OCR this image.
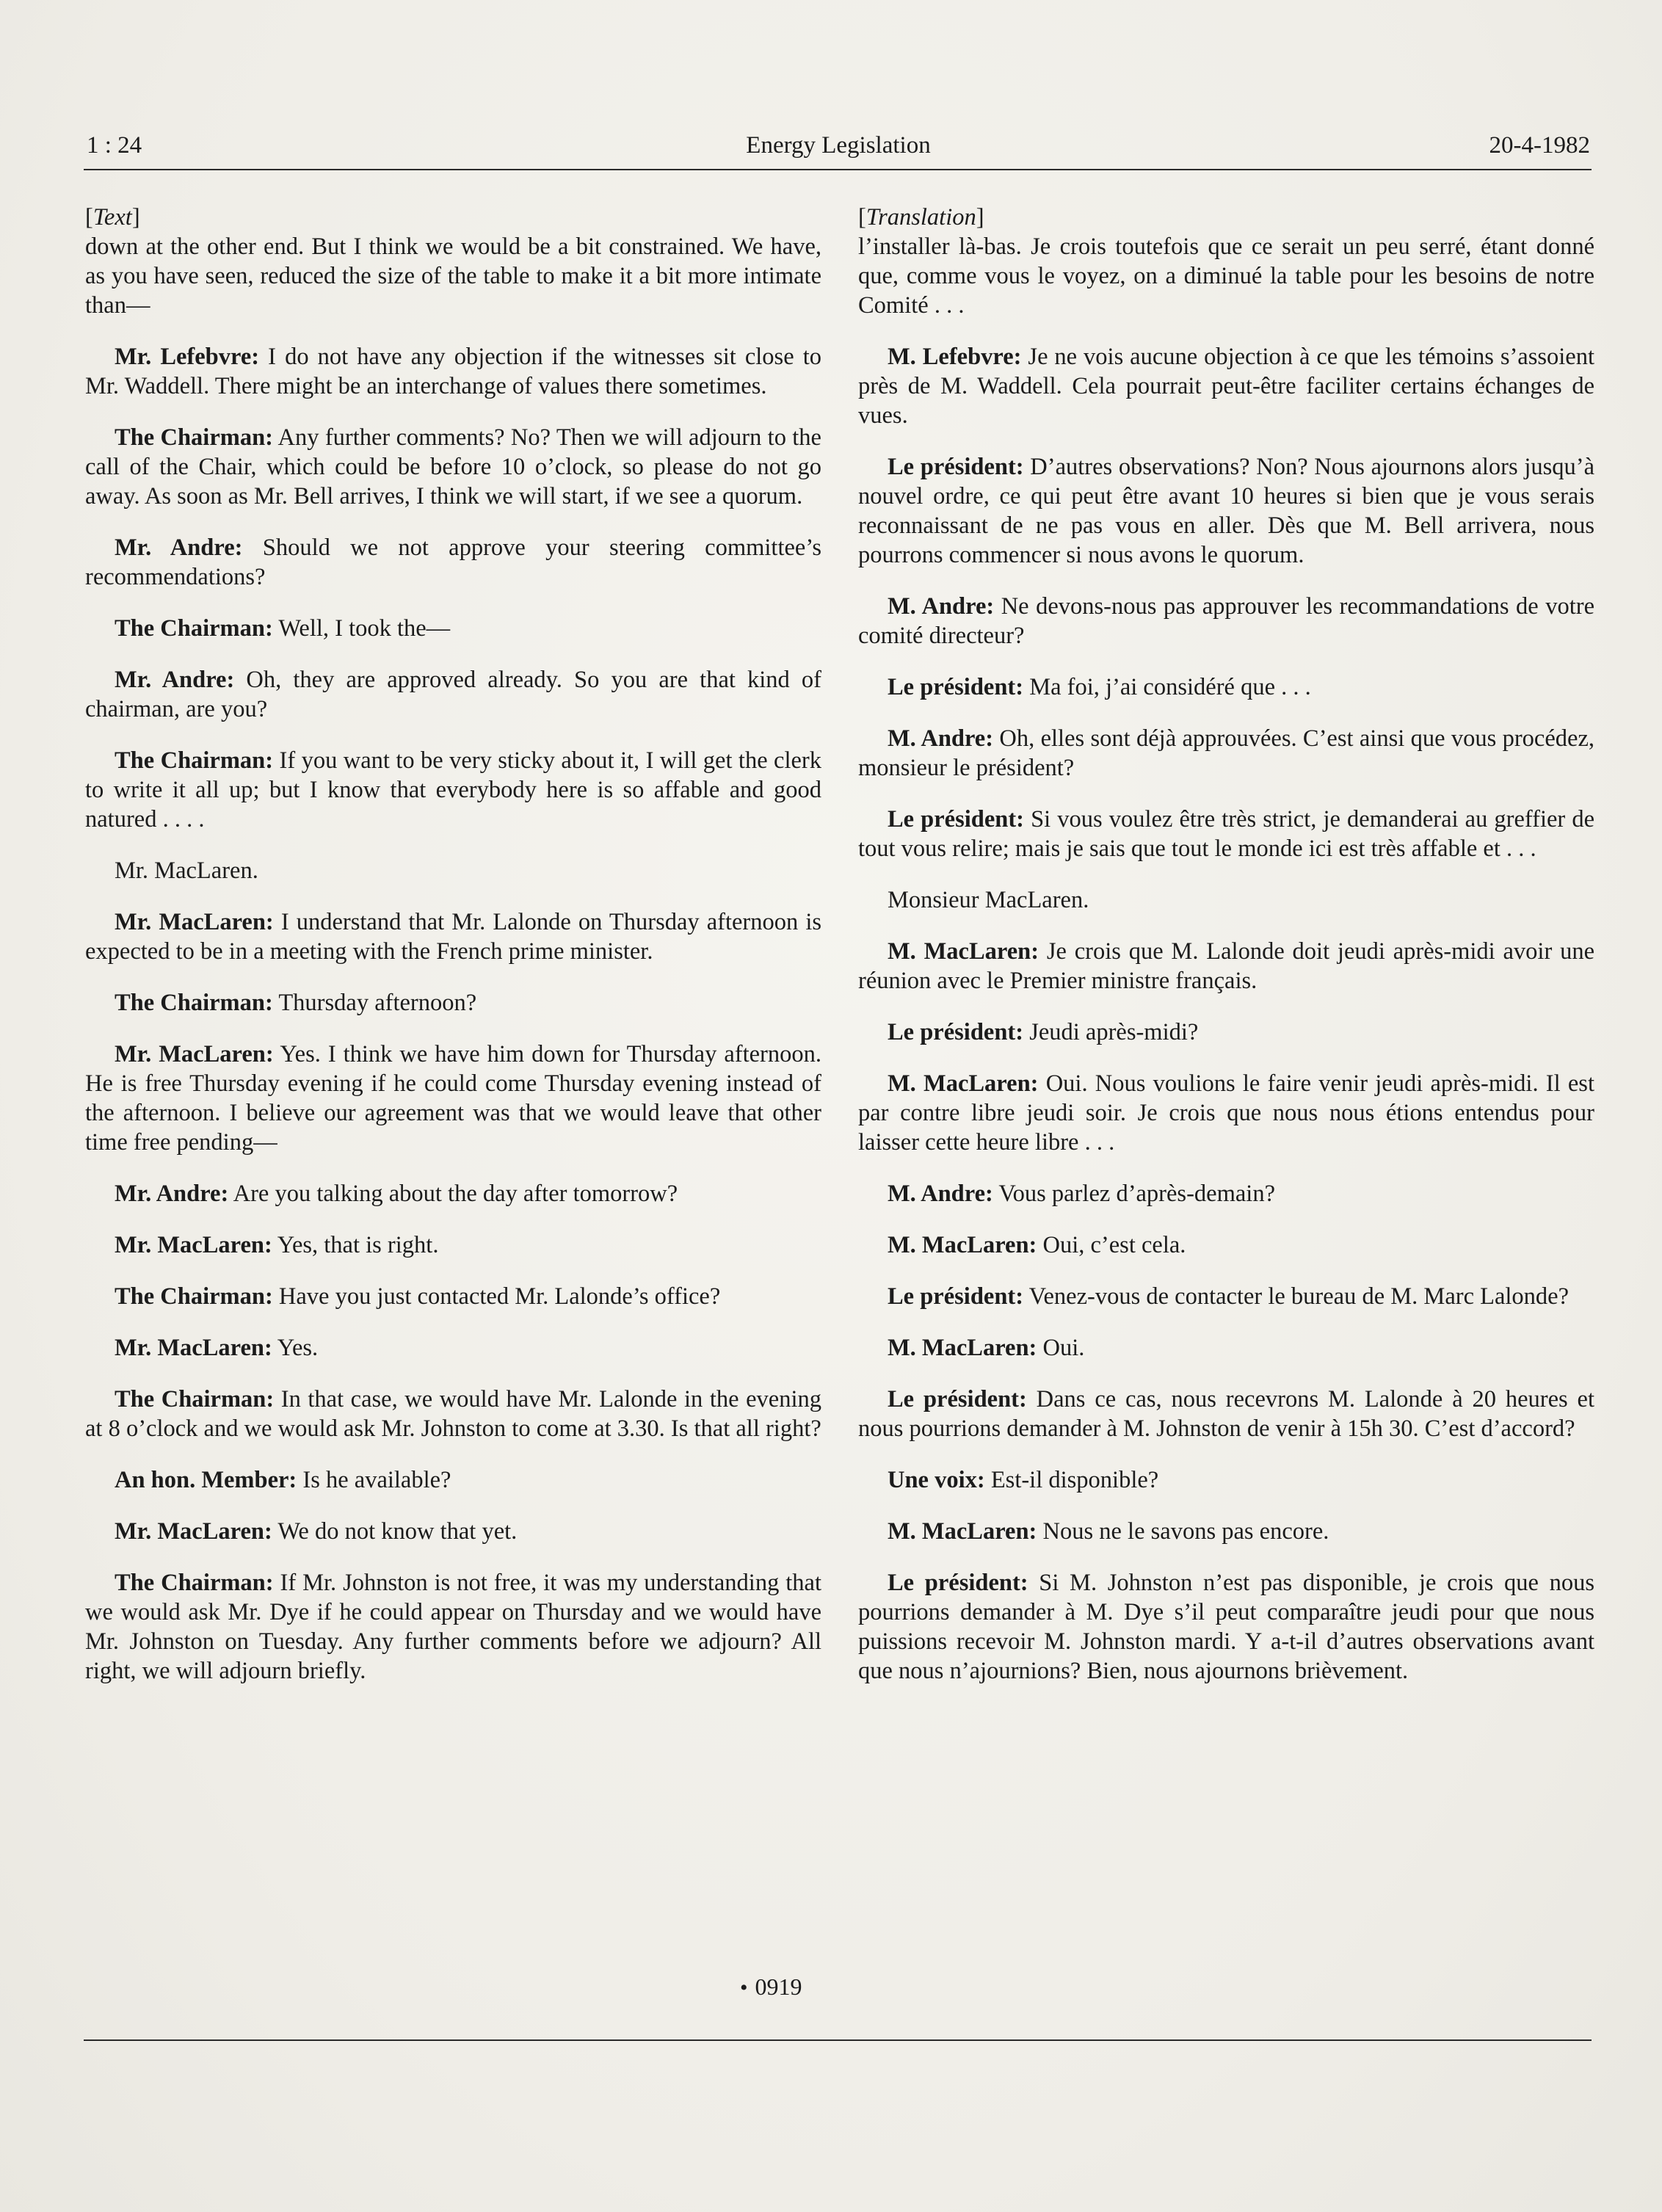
1 : 24	Energy Legislation	20-4-1982

[Text]

down at the other end. But I think we would be a bit constrained. We have, as you have seen, reduced the size of the table to make it a bit more intimate than—

Mr. Lefebvre: I do not have any objection if the witnesses sit close to Mr. Waddell. There might be an interchange of values there sometimes.

The Chairman: Any further comments? No? Then we will adjourn to the call of the Chair, which could be before 10 o’clock, so please do not go away. As soon as Mr. Bell arrives, I think we will start, if we see a quorum.

Mr. Andre: Should we not approve your steering committee’s recommendations?

The Chairman: Well, I took the—

Mr. Andre: Oh, they are approved already. So you are that kind of chairman, are you?

The Chairman: If you want to be very sticky about it, I will get the clerk to write it all up; but I know that everybody here is so affable and good natured . . . .

Mr. MacLaren.

Mr. MacLaren: I understand that Mr. Lalonde on Thursday afternoon is expected to be in a meeting with the French prime minister.

The Chairman: Thursday afternoon?

Mr. MacLaren: Yes. I think we have him down for Thursday afternoon. He is free Thursday evening if he could come Thursday evening instead of the afternoon. I believe our agreement was that we would leave that other time free pending—

Mr. Andre: Are you talking about the day after tomorrow?

Mr. MacLaren: Yes, that is right.

The Chairman: Have you just contacted Mr. Lalonde’s office?

Mr. MacLaren: Yes.

The Chairman: In that case, we would have Mr. Lalonde in the evening at 8 o’clock and we would ask Mr. Johnston to come at 3.30. Is that all right?

An hon. Member: Is he available?

Mr. MacLaren: We do not know that yet.

The Chairman: If Mr. Johnston is not free, it was my understanding that we would ask Mr. Dye if he could appear on Thursday and we would have Mr. Johnston on Tuesday. Any further comments before we adjourn? All right, we will adjourn briefly.

[Translation]

l’installer là-bas. Je crois toutefois que ce serait un peu serré, étant donné que, comme vous le voyez, on a diminué la table pour les besoins de notre Comité . . .

M. Lefebvre: Je ne vois aucune objection à ce que les témoins s’assoient près de M. Waddell. Cela pourrait peut-être faciliter certains échanges de vues.

Le président: D’autres observations? Non? Nous ajournons alors jusqu’à nouvel ordre, ce qui peut être avant 10 heures si bien que je vous serais reconnaissant de ne pas vous en aller. Dès que M. Bell arrivera, nous pourrons commencer si nous avons le quorum.

M. Andre: Ne devons-nous pas approuver les recommandations de votre comité directeur?

Le président: Ma foi, j’ai considéré que . . .

M. Andre: Oh, elles sont déjà approuvées. C’est ainsi que vous procédez, monsieur le président?

Le président: Si vous voulez être très strict, je demanderai au greffier de tout vous relire; mais je sais que tout le monde ici est très affable et . . .

Monsieur MacLaren.

M. MacLaren: Je crois que M. Lalonde doit jeudi après-midi avoir une réunion avec le Premier ministre français.

Le président: Jeudi après-midi?

M. MacLaren: Oui. Nous voulions le faire venir jeudi après-midi. Il est par contre libre jeudi soir. Je crois que nous nous étions entendus pour laisser cette heure libre . . .

M. Andre: Vous parlez d’après-demain?

M. MacLaren: Oui, c’est cela.

Le président: Venez-vous de contacter le bureau de M. Marc Lalonde?

M. MacLaren: Oui.

Le président: Dans ce cas, nous recevrons M. Lalonde à 20 heures et nous pourrions demander à M. Johnston de venir à 15h 30. C’est d’accord?

Une voix: Est-il disponible?

M. MacLaren: Nous ne le savons pas encore.

Le président: Si M. Johnston n’est pas disponible, je crois que nous pourrions demander à M. Dye s’il peut comparaître jeudi pour que nous puissions recevoir M. Johnston mardi. Y a-t-il d’autres observations avant que nous n’ajournions? Bien, nous ajournons brièvement.

• 0919
